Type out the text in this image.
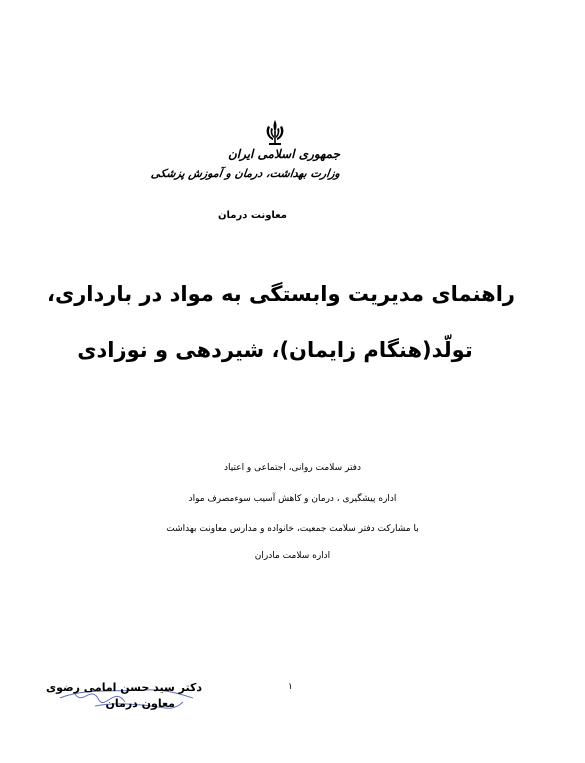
جمهوری اسلامی ایران
وزارت بهداشت، درمان و آموزش پزشکی
معاونت درمان
راهنمای مدیریت وابستگی به مواد در بارداری،
تولّد(هنگام زایمان)، شیردهی و نوزادی
دفتر سلامت روانی، اجتماعی و اعتیاد
اداره پیشگیری ، درمان و کاهش آسیب سوءمصرف مواد
با مشارکت دفتر سلامت جمعیت، خانواده و مدارس معاونت بهداشت
اداره سلامت مادران
۱
دکتر سید حسن امامی رضوی
معاون درمان
